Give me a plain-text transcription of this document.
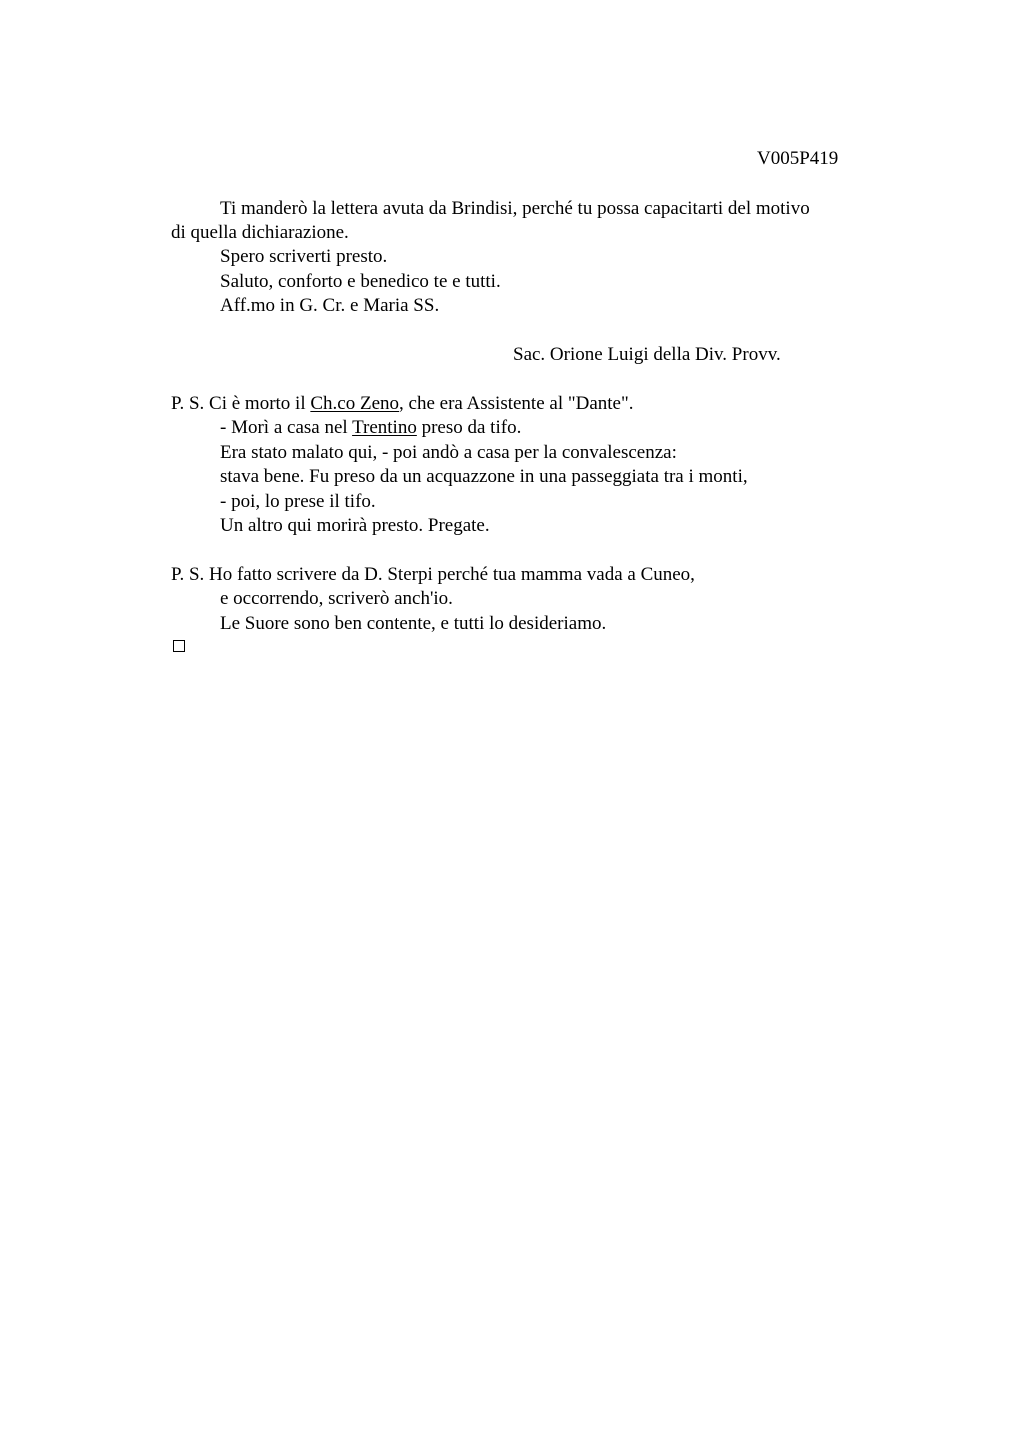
V005P419
Ti manderò la lettera avuta da Brindisi, perché tu possa capacitarti del motivo
di quella dichiarazione.
Spero scriverti presto.
Saluto, conforto e benedico te e tutti.
Aff.mo in G. Cr. e Maria SS.
Sac. Orione Luigi della Div. Provv.
P. S. Ci è morto il Ch.co Zeno, che era Assistente al "Dante".
- Morì a casa nel Trentino preso da tifo.
Era stato malato qui, - poi andò a casa per la convalescenza:
stava bene. Fu preso da un acquazzone in una passeggiata tra i monti,
- poi, lo prese il tifo.
Un altro qui morirà presto. Pregate.
P. S. Ho fatto scrivere da D. Sterpi perché tua mamma vada a Cuneo,
e occorrendo, scriverò anch'io.
Le Suore sono ben contente, e tutti lo desideriamo.
